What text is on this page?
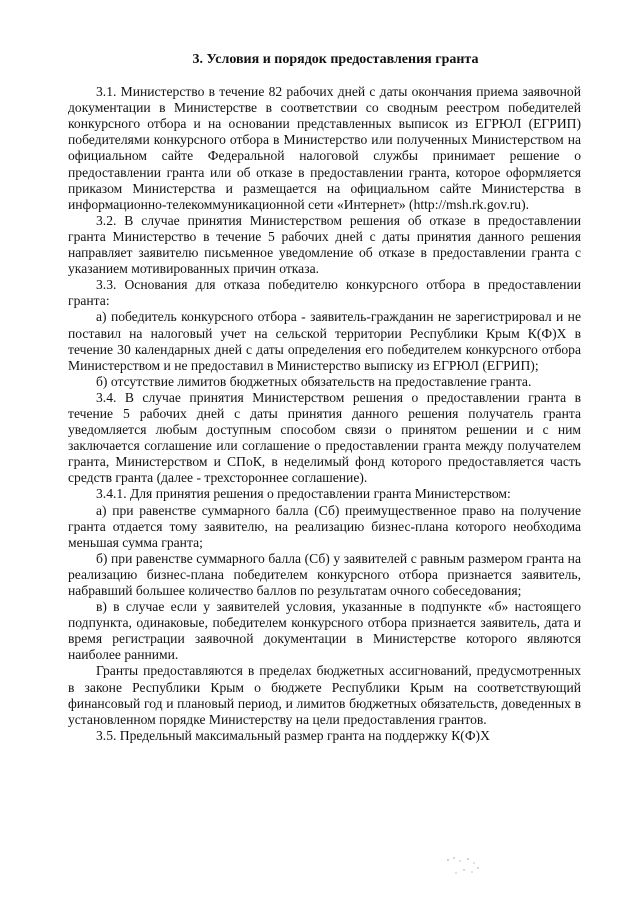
3. Условия и порядок предоставления гранта

3.1. Министерство в течение 82 рабочих дней с даты окончания приема заявочной документации в Министерстве в соответствии со сводным реестром победителей конкурсного отбора и на основании представленных выписок из ЕГРЮЛ (ЕГРИП) победителями конкурсного отбора в Министерство или полученных Министерством на официальном сайте Федеральной налоговой службы принимает решение о предоставлении гранта или об отказе в предоставлении гранта, которое оформляется приказом Министерства и размещается на официальном сайте Министерства в информационно-телекоммуникационной сети «Интернет» (http://msh.rk.gov.ru).

3.2. В случае принятия Министерством решения об отказе в предоставлении гранта Министерство в течение 5 рабочих дней с даты принятия данного решения направляет заявителю письменное уведомление об отказе в предоставлении гранта с указанием мотивированных причин отказа.

3.3. Основания для отказа победителю конкурсного отбора в предоставлении гранта:

а) победитель конкурсного отбора - заявитель-гражданин не зарегистрировал и не поставил на налоговый учет на сельской территории Республики Крым К(Ф)Х в течение 30 календарных дней с даты определения его победителем конкурсного отбора Министерством и не предоставил в Министерство выписку из ЕГРЮЛ (ЕГРИП);

б) отсутствие лимитов бюджетных обязательств на предоставление гранта.

3.4. В случае принятия Министерством решения о предоставлении гранта в течение 5 рабочих дней с даты принятия данного решения получатель гранта уведомляется любым доступным способом связи о принятом решении и с ним заключается соглашение или соглашение о предоставлении гранта между получателем гранта, Министерством и СПоК, в неделимый фонд которого предоставляется часть средств гранта (далее - трехстороннее соглашение).

3.4.1. Для принятия решения о предоставлении гранта Министерством:

а) при равенстве суммарного балла (Сб) преимущественное право на получение гранта отдается тому заявителю, на реализацию бизнес-плана которого необходима меньшая сумма гранта;

б) при равенстве суммарного балла (Сб) у заявителей с равным размером гранта на реализацию бизнес-плана победителем конкурсного отбора признается заявитель, набравший большее количество баллов по результатам очного собеседования;

в) в случае если у заявителей условия, указанные в подпункте «б» настоящего подпункта, одинаковые, победителем конкурсного отбора признается заявитель, дата и время регистрации заявочной документации в Министерстве которого являются наиболее ранними.

Гранты предоставляются в пределах бюджетных ассигнований, предусмотренных в законе Республики Крым о бюджете Республики Крым на соответствующий финансовый год и плановый период, и лимитов бюджетных обязательств, доведенных в установленном порядке Министерству на цели предоставления грантов.

3.5. Предельный максимальный размер гранта на поддержку К(Ф)Х
